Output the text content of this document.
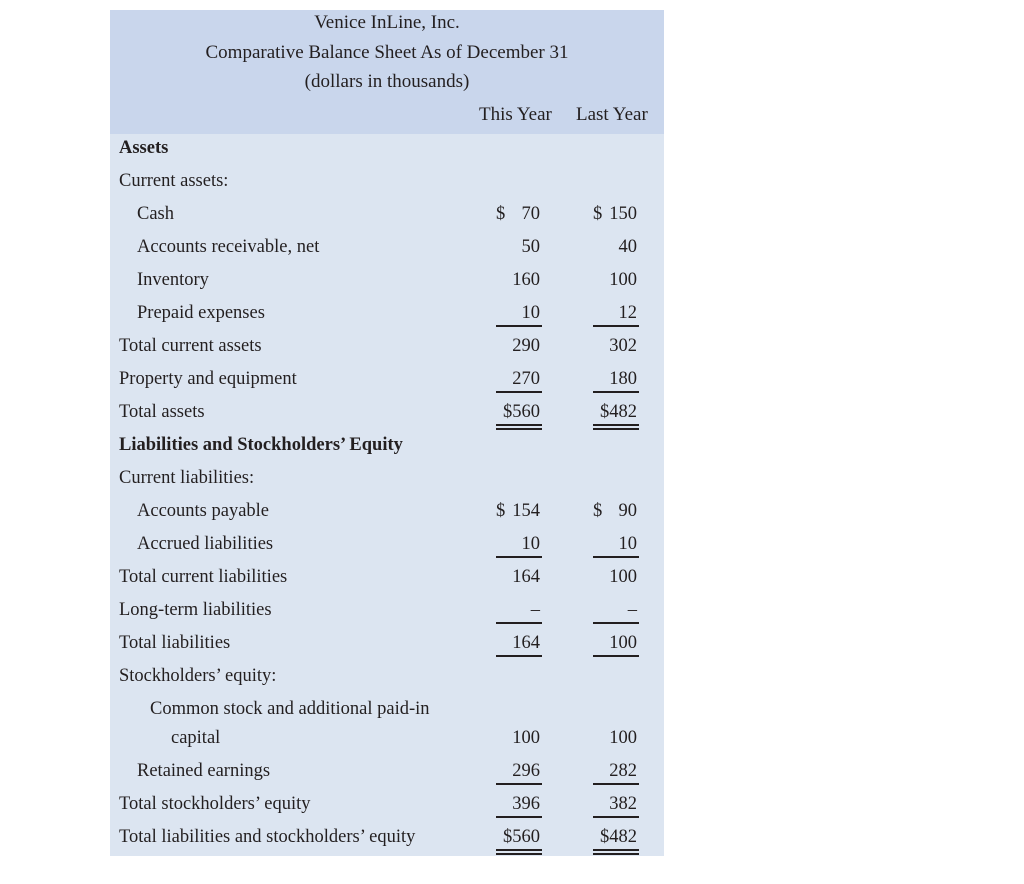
Venice InLine, Inc.
Comparative Balance Sheet As of December 31
(dollars in thousands)
This Year Last Year
Assets
Current assets:
Cash	$ 70	$ 150
Accounts receivable, net	50	40
Inventory	160	100
Prepaid expenses	10	12
Total current assets	290	302
Property and equipment	270	180
Total assets	$560	$482
Liabilities and Stockholders’ Equity
Current liabilities:
Accounts payable	$ 154	$ 90
Accrued liabilities	10	10
Total current liabilities	164	100
Long-term liabilities	–	–
Total liabilities	164	100
Stockholders’ equity:
Common stock and additional paid-in
capital	100	100
Retained earnings	296	282
Total stockholders’ equity	396	382
Total liabilities and stockholders’ equity	$560	$482
